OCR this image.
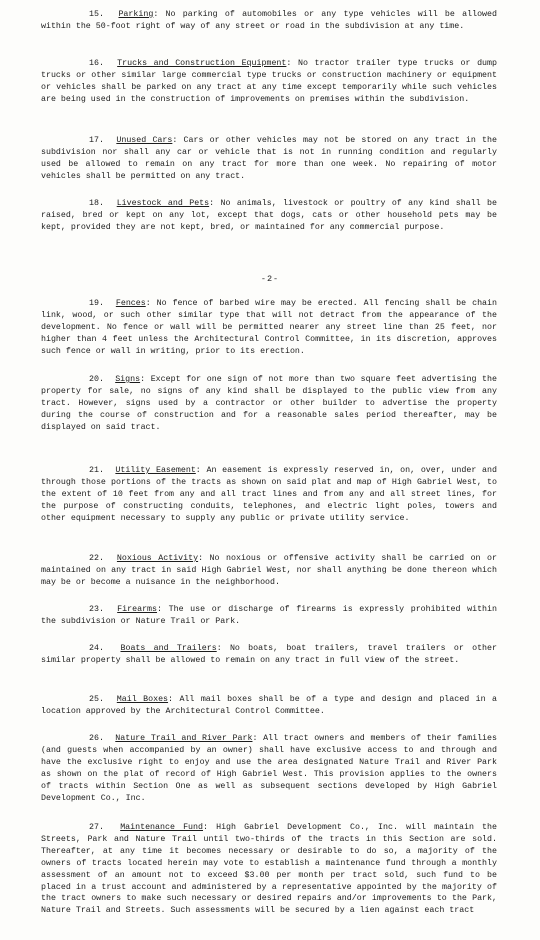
15. Parking: No parking of automobiles or any type vehicles will be allowed within the 50-foot right of way of any street or road in the subdivision at any time.

16. Trucks and Construction Equipment: No tractor trailer type trucks or dump trucks or other similar large commercial type trucks or construction machinery or equipment or vehicles shall be parked on any tract at any time except temporarily while such vehicles are being used in the construction of improvements on premises within the subdivision.

17. Unused Cars: Cars or other vehicles may not be stored on any tract in the subdivision nor shall any car or vehicle that is not in running condition and regularly used be allowed to remain on any tract for more than one week. No repairing of motor vehicles shall be permitted on any tract.

18. Livestock and Pets: No animals, livestock or poultry of any kind shall be raised, bred or kept on any lot, except that dogs, cats or other household pets may be kept, provided they are not kept, bred, or maintained for any commercial purpose.

-2-

19. Fences: No fence of barbed wire may be erected. All fencing shall be chain link, wood, or such other similar type that will not detract from the appearance of the development. No fence or wall will be permitted nearer any street line than 25 feet, nor higher than 4 feet unless the Architectural Control Committee, in its discretion, approves such fence or wall in writing, prior to its erection.

20. Signs: Except for one sign of not more than two square feet advertising the property for sale, no signs of any kind shall be displayed to the public view from any tract. However, signs used by a contractor or other builder to advertise the property during the course of construction and for a reasonable sales period thereafter, may be displayed on said tract.

21. Utility Easement: An easement is expressly reserved in, on, over, under and through those portions of the tracts as shown on said plat and map of High Gabriel West, to the extent of 10 feet from any and all tract lines and from any and all street lines, for the purpose of constructing conduits, telephones, and electric light poles, towers and other equipment necessary to supply any public or private utility service.

22. Noxious Activity: No noxious or offensive activity shall be carried on or maintained on any tract in said High Gabriel West, nor shall anything be done thereon which may be or become a nuisance in the neighborhood.

23. Firearms: The use or discharge of firearms is expressly prohibited within the subdivision or Nature Trail or Park.

24. Boats and Trailers: No boats, boat trailers, travel trailers or other similar property shall be allowed to remain on any tract in full view of the street.

25. Mail Boxes: All mail boxes shall be of a type and design and placed in a location approved by the Architectural Control Committee.

26. Nature Trail and River Park: All tract owners and members of their families (and guests when accompanied by an owner) shall have exclusive access to and through and have the exclusive right to enjoy and use the area designated Nature Trail and River Park as shown on the plat of record of High Gabriel West. This provision applies to the owners of tracts within Section One as well as subsequent sections developed by High Gabriel Development Co., Inc.

27. Maintenance Fund: High Gabriel Development Co., Inc. will maintain the Streets, Park and Nature Trail until two-thirds of the tracts in this Section are sold. Thereafter, at any time it becomes necessary or desirable to do so, a majority of the owners of tracts located herein may vote to establish a maintenance fund through a monthly assessment of an amount not to exceed $3.00 per month per tract sold, such fund to be placed in a trust account and administered by a representative appointed by the majority of the tract owners to make such necessary or desired repairs and/or improvements to the Park, Nature Trail and Streets. Such assessments will be secured by a lien against each tract
